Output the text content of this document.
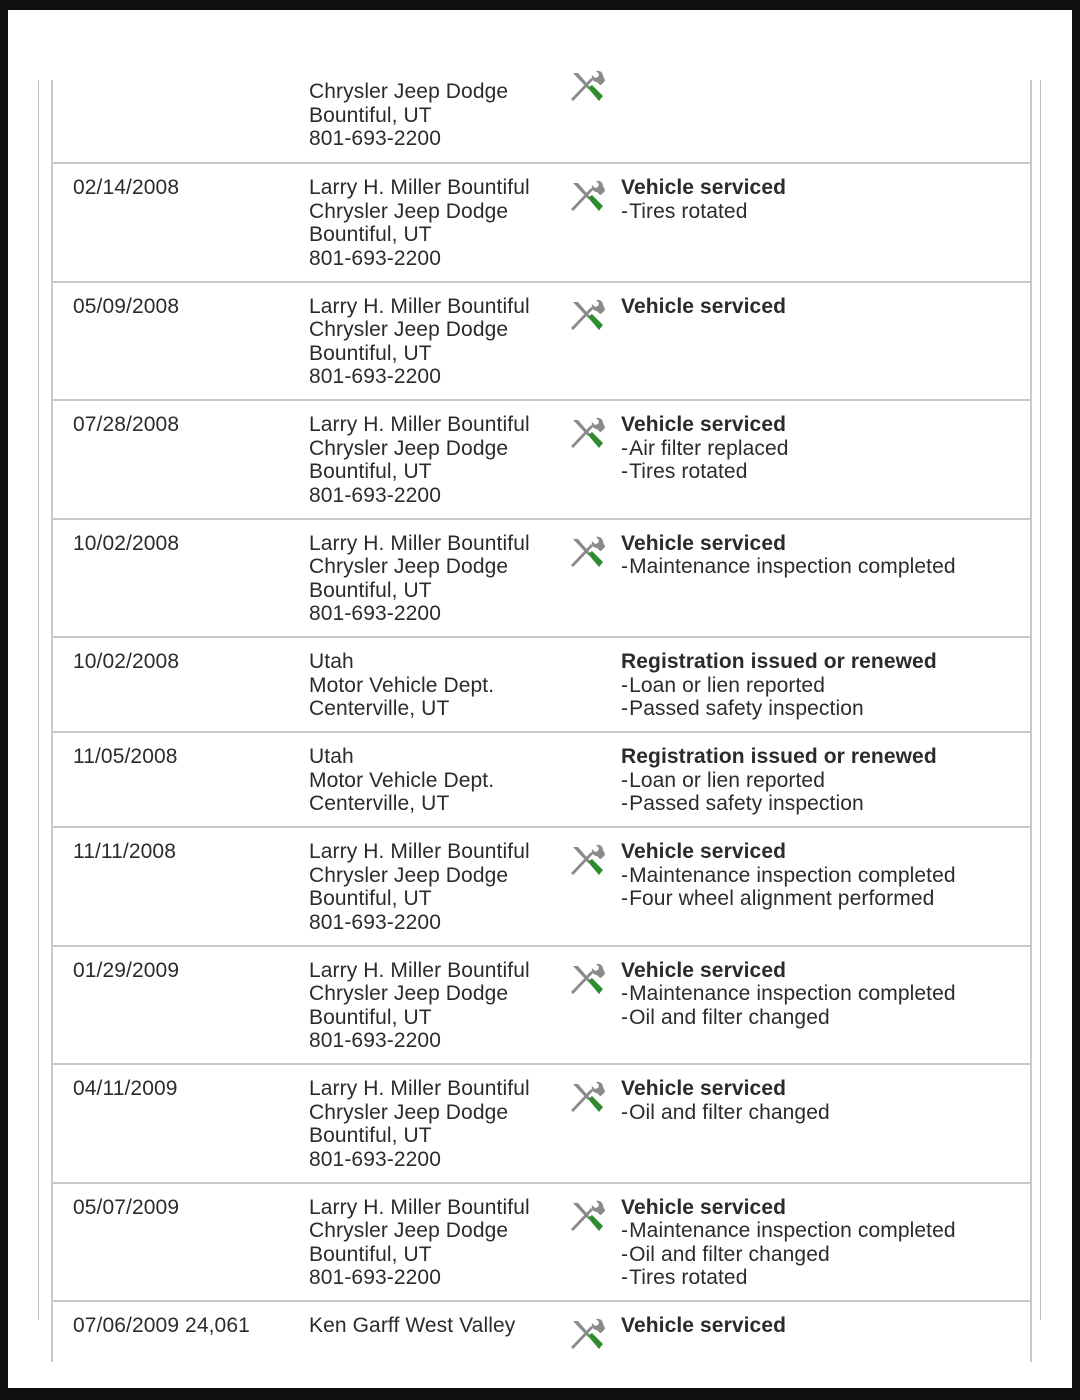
Chrysler Jeep Dodge
Bountiful, UT
801-693-2200
02/14/2008	Larry H. Miller Bountiful
Chrysler Jeep Dodge
Bountiful, UT
801-693-2200
Vehicle serviced
- Tires rotated
05/09/2008	Larry H. Miller Bountiful
Chrysler Jeep Dodge
Bountiful, UT
801-693-2200
Vehicle serviced
07/28/2008	Larry H. Miller Bountiful
Chrysler Jeep Dodge
Bountiful, UT
801-693-2200
Vehicle serviced
- Air filter replaced
- Tires rotated
10/02/2008	Larry H. Miller Bountiful
Chrysler Jeep Dodge
Bountiful, UT
801-693-2200
Vehicle serviced
- Maintenance inspection completed
10/02/2008	Utah
Motor Vehicle Dept.
Centerville, UT
Registration issued or renewed
- Loan or lien reported
- Passed safety inspection
11/05/2008	Utah
Motor Vehicle Dept.
Centerville, UT
Registration issued or renewed
- Loan or lien reported
- Passed safety inspection
11/11/2008	Larry H. Miller Bountiful
Chrysler Jeep Dodge
Bountiful, UT
801-693-2200
Vehicle serviced
- Maintenance inspection completed
- Four wheel alignment performed
01/29/2009	Larry H. Miller Bountiful
Chrysler Jeep Dodge
Bountiful, UT
801-693-2200
Vehicle serviced
- Maintenance inspection completed
- Oil and filter changed
04/11/2009	Larry H. Miller Bountiful
Chrysler Jeep Dodge
Bountiful, UT
801-693-2200
Vehicle serviced
- Oil and filter changed
05/07/2009	Larry H. Miller Bountiful
Chrysler Jeep Dodge
Bountiful, UT
801-693-2200
Vehicle serviced
- Maintenance inspection completed
- Oil and filter changed
- Tires rotated
07/06/2009 24,061	Ken Garff West Valley	Vehicle serviced
